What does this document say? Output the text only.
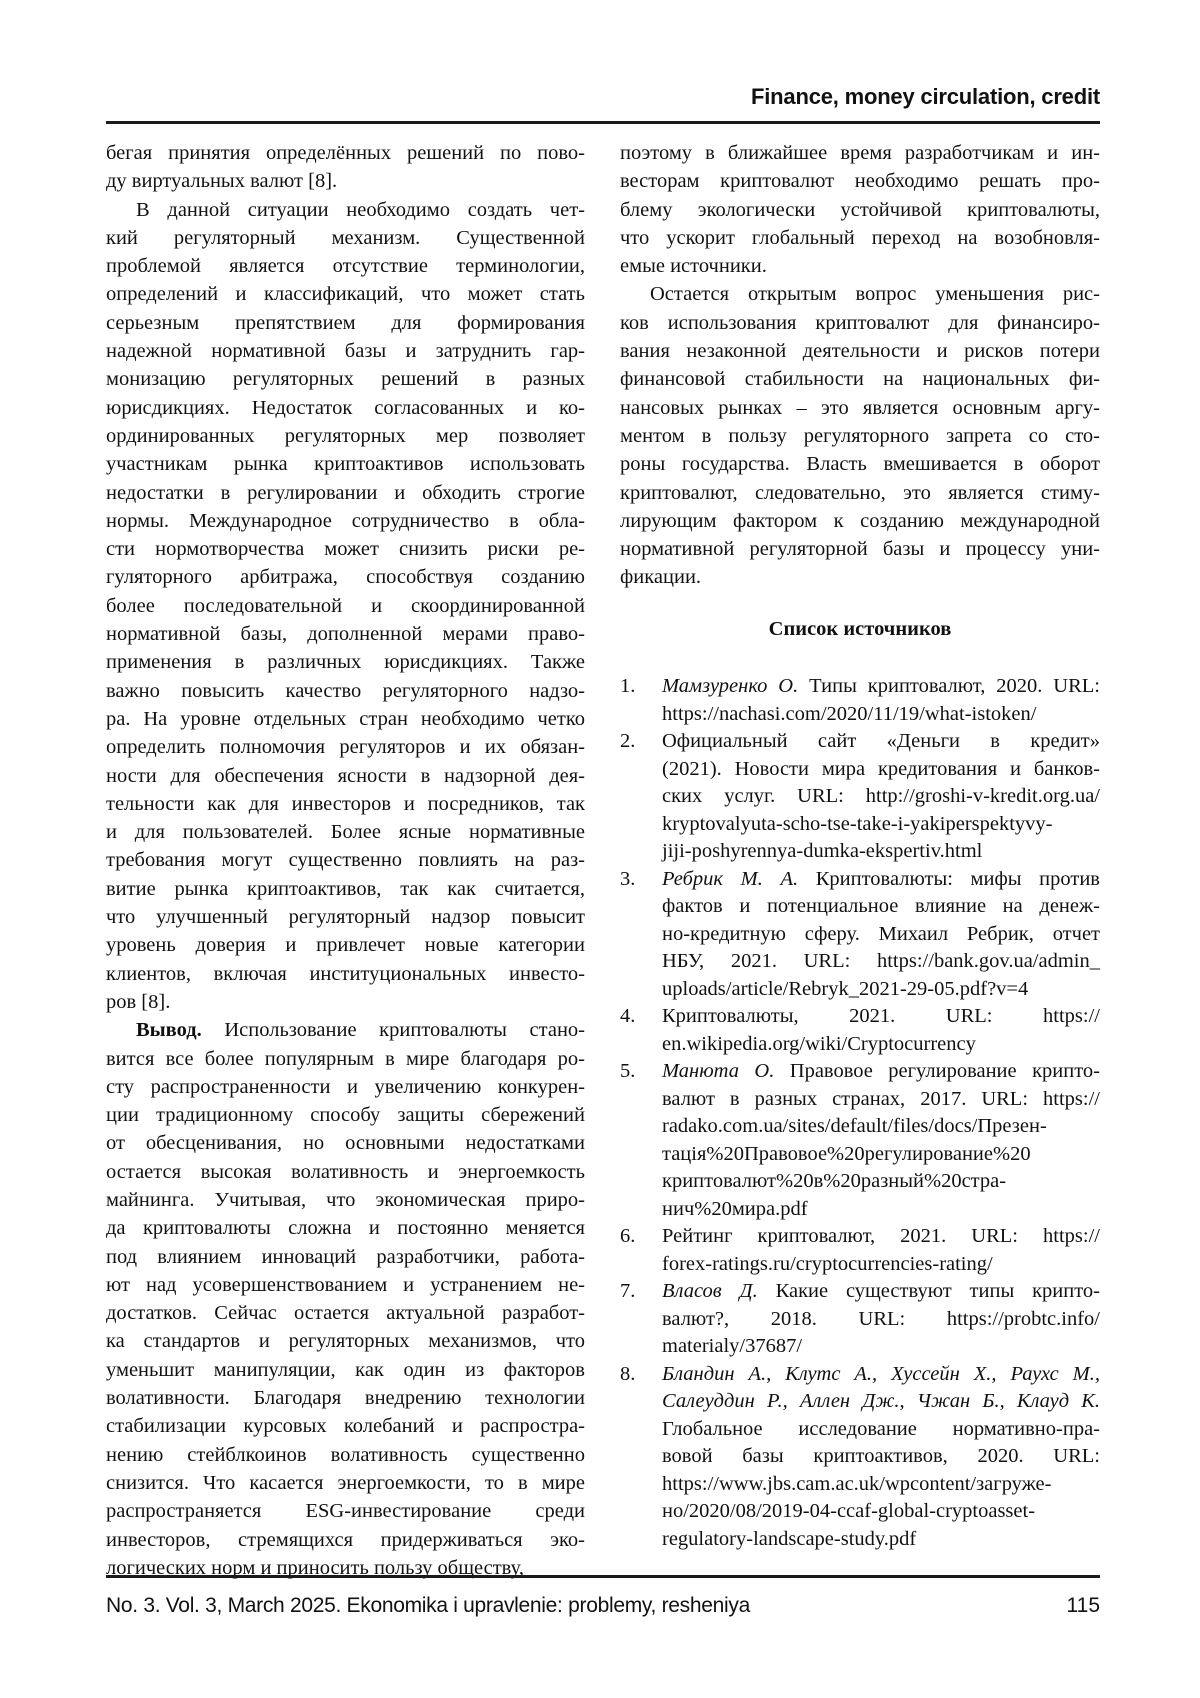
Finance, money circulation, credit
бегая принятия определённых решений по пово-
ду виртуальных валют [8].
В данной ситуации необходимо создать чет-
кий регуляторный механизм. Существенной
проблемой является отсутствие терминологии,
определений и классификаций, что может стать
серьезным препятствием для формирования
надежной нормативной базы и затруднить гар-
монизацию регуляторных решений в разных
юрисдикциях. Недостаток согласованных и ко-
ординированных регуляторных мер позволяет
участникам рынка криптоактивов использовать
недостатки в регулировании и обходить строгие
нормы. Международное сотрудничество в обла-
сти нормотворчества может снизить риски ре-
гуляторного арбитража, способствуя созданию
более последовательной и скоординированной
нормативной базы, дополненной мерами право-
применения в различных юрисдикциях. Также
важно повысить качество регуляторного надзо-
ра. На уровне отдельных стран необходимо четко
определить полномочия регуляторов и их обязан-
ности для обеспечения ясности в надзорной дея-
тельности как для инвесторов и посредников, так
и для пользователей. Более ясные нормативные
требования могут существенно повлиять на раз-
витие рынка криптоактивов, так как считается,
что улучшенный регуляторный надзор повысит
уровень доверия и привлечет новые категории
клиентов, включая институциональных инвесто-
ров [8].
Вывод. Использование криптовалюты стано-
вится все более популярным в мире благодаря ро-
сту распространенности и увеличению конкурен-
ции традиционному способу защиты сбережений
от обесценивания, но основными недостатками
остается высокая волативность и энергоемкость
майнинга. Учитывая, что экономическая приро-
да криптовалюты сложна и постоянно меняется
под влиянием инноваций разработчики, работа-
ют над усовершенствованием и устранением не-
достатков. Сейчас остается актуальной разработ-
ка стандартов и регуляторных механизмов, что
уменьшит манипуляции, как один из факторов
волативности. Благодаря внедрению технологии
стабилизации курсовых колебаний и распростра-
нению стейблкоинов волативность существенно
снизится. Что касается энергоемкости, то в мире
распространяется ESG-инвестирование среди
инвесторов, стремящихся придерживаться эко-
логических норм и приносить пользу обществу,
поэтому в ближайшее время разработчикам и ин-
весторам криптовалют необходимо решать про-
блему экологически устойчивой криптовалюты,
что ускорит глобальный переход на возобновля-
емые источники.
Остается открытым вопрос уменьшения рис-
ков использования криптовалют для финансиро-
вания незаконной деятельности и рисков потери
финансовой стабильности на национальных фи-
нансовых рынках – это является основным аргу-
ментом в пользу регуляторного запрета со сто-
роны государства. Власть вмешивается в оборот
криптовалют, следовательно, это является стиму-
лирующим фактором к созданию международной
нормативной регуляторной базы и процессу уни-
фикации.
Список источников
1. Мамзуренко О. Типы криптовалют, 2020. URL:
https://nachasi.com/2020/11/19/what-istoken/
2. Официальный сайт «Деньги в кредит»
(2021). Новости мира кредитования и банков-
ских услуг. URL: http://groshi-v-kredit.org.ua/
kryptovalyuta-scho-tse-take-i-yakiperspektyvy-
jiji-poshyrennya-dumka-ekspertiv.html
3. Ребрик М. А. Криптовалюты: мифы против
фактов и потенциальное влияние на денеж-
но-кредитную сферу. Михаил Ребрик, отчет
НБУ, 2021. URL: https://bank.gov.ua/admin_
uploads/article/Rebryk_2021-29-05.pdf?v=4
4. Криптовалюты, 2021. URL: https://
en.wikipedia.org/wiki/Cryptocurrency
5. Манюта О. Правовое регулирование крипто-
валют в разных странах, 2017. URL: https://
radako.com.ua/sites/default/files/docs/Презен-
тація%20Правовое%20регулирование%20
криптовалют%20в%20разный%20стра-
нич%20мира.pdf
6. Рейтинг криптовалют, 2021. URL: https://
forex-ratings.ru/cryptocurrencies-rating/
7. Власов Д. Какие существуют типы крипто-
валют?, 2018. URL: https://probtc.info/
materialy/37687/
8. Бландин А., Клутс А., Хуссейн Х., Раухс М.,
Салеуддин Р., Аллен Дж., Чжан Б., Клауд К.
Глобальное исследование нормативно-пра-
вовой базы криптоактивов, 2020. URL:
https://www.jbs.cam.ac.uk/wpcontent/загруже-
но/2020/08/2019-04-ccaf-global-cryptoasset-
regulatory-landscape-study.pdf
No. 3. Vol. 3, March 2025. Ekonomika i upravlenie: problemy, resheniya	115
